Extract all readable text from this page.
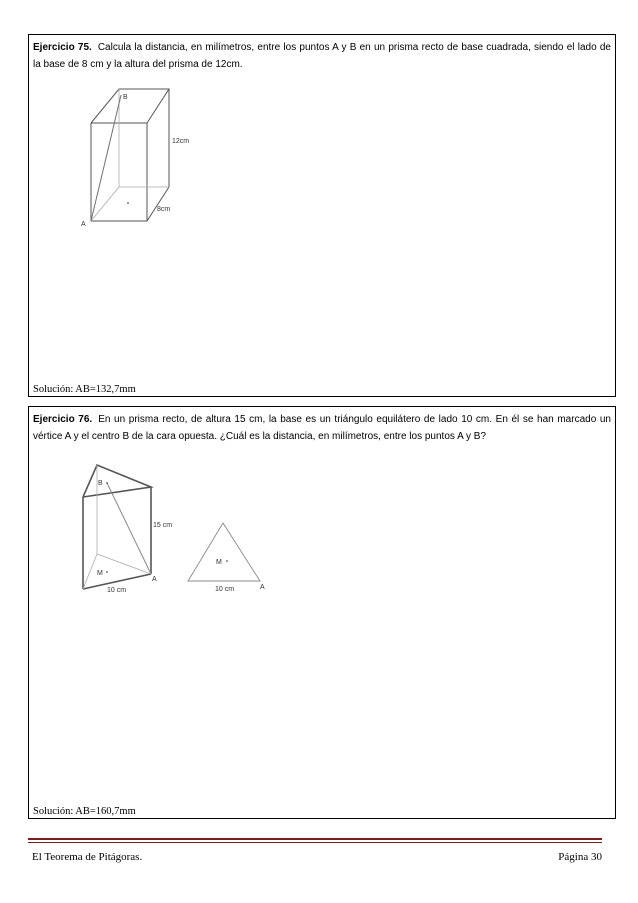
Ejercicio 75. Calcula la distancia, en milímetros, entre los puntos A y B en un prisma recto de base cuadrada, siendo el lado de la base de 8 cm y la altura del prisma de 12cm.
B
A
12cm
8cm
Solución: AB=132,7mm
Ejercicio 76. En un prisma recto, de altura 15 cm, la base es un triángulo equilátero de lado 10 cm. En él se han marcado un vértice A y el centro B de la cara opuesta. ¿Cuál es la distancia, en milímetros, entre los puntos A y B?
B
M
A
15 cm
10 cm
M
A
10 cm
Solución: AB=160,7mm
El Teorema de Pitágoras.	Página 30
